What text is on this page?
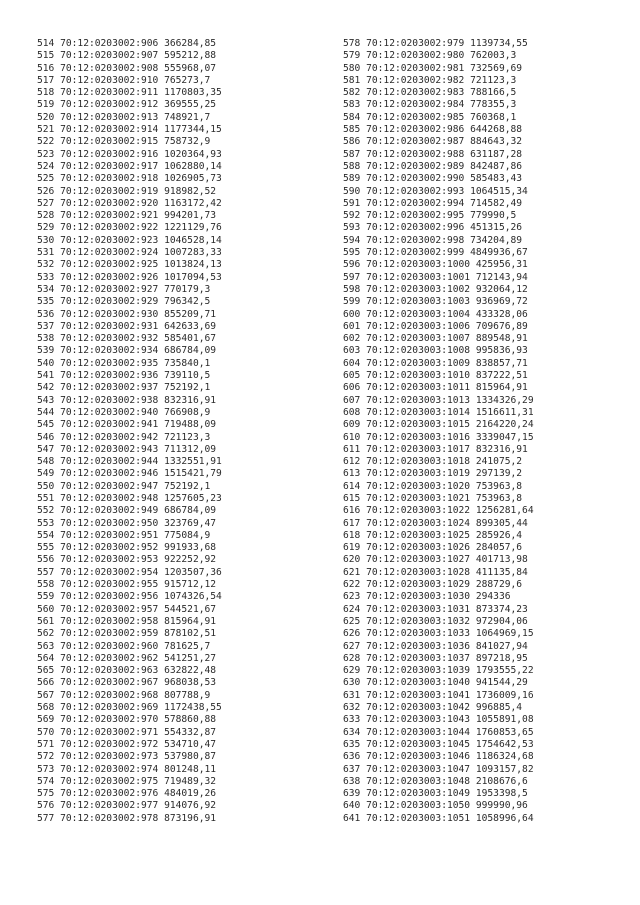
514 70:12:0203002:906 366284,85
515 70:12:0203002:907 595212,88
516 70:12:0203002:908 555968,07
517 70:12:0203002:910 765273,7
518 70:12:0203002:911 1170803,35
519 70:12:0203002:912 369555,25
520 70:12:0203002:913 748921,7
521 70:12:0203002:914 1177344,15
522 70:12:0203002:915 758732,9
523 70:12:0203002:916 1020364,93
524 70:12:0203002:917 1062880,14
525 70:12:0203002:918 1026905,73
526 70:12:0203002:919 918982,52
527 70:12:0203002:920 1163172,42
528 70:12:0203002:921 994201,73
529 70:12:0203002:922 1221129,76
530 70:12:0203002:923 1046528,14
531 70:12:0203002:924 1007283,33
532 70:12:0203002:925 1013824,13
533 70:12:0203002:926 1017094,53
534 70:12:0203002:927 770179,3
535 70:12:0203002:929 796342,5
536 70:12:0203002:930 855209,71
537 70:12:0203002:931 642633,69
538 70:12:0203002:932 585401,67
539 70:12:0203002:934 686784,09
540 70:12:0203002:935 735840,1
541 70:12:0203002:936 739110,5
542 70:12:0203002:937 752192,1
543 70:12:0203002:938 832316,91
544 70:12:0203002:940 766908,9
545 70:12:0203002:941 719488,09
546 70:12:0203002:942 721123,3
547 70:12:0203002:943 711312,09
548 70:12:0203002:944 1332551,91
549 70:12:0203002:946 1515421,79
550 70:12:0203002:947 752192,1
551 70:12:0203002:948 1257605,23
552 70:12:0203002:949 686784,09
553 70:12:0203002:950 323769,47
554 70:12:0203002:951 775084,9
555 70:12:0203002:952 991933,68
556 70:12:0203002:953 922252,92
557 70:12:0203002:954 1203507,36
558 70:12:0203002:955 915712,12
559 70:12:0203002:956 1074326,54
560 70:12:0203002:957 544521,67
561 70:12:0203002:958 815964,91
562 70:12:0203002:959 878102,51
563 70:12:0203002:960 781625,7
564 70:12:0203002:962 541251,27
565 70:12:0203002:963 632822,48
566 70:12:0203002:967 968038,53
567 70:12:0203002:968 807788,9
568 70:12:0203002:969 1172438,55
569 70:12:0203002:970 578860,88
570 70:12:0203002:971 554332,87
571 70:12:0203002:972 534710,47
572 70:12:0203002:973 537980,87
573 70:12:0203002:974 801248,11
574 70:12:0203002:975 719489,32
575 70:12:0203002:976 484019,26
576 70:12:0203002:977 914076,92
577 70:12:0203002:978 873196,91
578 70:12:0203002:979 1139734,55
579 70:12:0203002:980 762003,3
580 70:12:0203002:981 732569,69
581 70:12:0203002:982 721123,3
582 70:12:0203002:983 788166,5
583 70:12:0203002:984 778355,3
584 70:12:0203002:985 760368,1
585 70:12:0203002:986 644268,88
586 70:12:0203002:987 884643,32
587 70:12:0203002:988 631187,28
588 70:12:0203002:989 842487,86
589 70:12:0203002:990 585483,43
590 70:12:0203002:993 1064515,34
591 70:12:0203002:994 714582,49
592 70:12:0203002:995 779990,5
593 70:12:0203002:996 451315,26
594 70:12:0203002:998 734204,89
595 70:12:0203002:999 4849936,67
596 70:12:0203003:1000 425956,31
597 70:12:0203003:1001 712143,94
598 70:12:0203003:1002 932064,12
599 70:12:0203003:1003 936969,72
600 70:12:0203003:1004 433328,06
601 70:12:0203003:1006 709676,89
602 70:12:0203003:1007 889548,91
603 70:12:0203003:1008 995836,93
604 70:12:0203003:1009 838857,71
605 70:12:0203003:1010 837222,51
606 70:12:0203003:1011 815964,91
607 70:12:0203003:1013 1334326,29
608 70:12:0203003:1014 1516611,31
609 70:12:0203003:1015 2164220,24
610 70:12:0203003:1016 3339047,15
611 70:12:0203003:1017 832316,91
612 70:12:0203003:1018 241075,2
613 70:12:0203003:1019 297139,2
614 70:12:0203003:1020 753963,8
615 70:12:0203003:1021 753963,8
616 70:12:0203003:1022 1256281,64
617 70:12:0203003:1024 899305,44
618 70:12:0203003:1025 285926,4
619 70:12:0203003:1026 284057,6
620 70:12:0203003:1027 401713,98
621 70:12:0203003:1028 411135,84
622 70:12:0203003:1029 288729,6
623 70:12:0203003:1030 294336
624 70:12:0203003:1031 873374,23
625 70:12:0203003:1032 972904,06
626 70:12:0203003:1033 1064969,15
627 70:12:0203003:1036 841027,94
628 70:12:0203003:1037 897218,95
629 70:12:0203003:1039 1793555,22
630 70:12:0203003:1040 941544,29
631 70:12:0203003:1041 1736009,16
632 70:12:0203003:1042 996885,4
633 70:12:0203003:1043 1055891,08
634 70:12:0203003:1044 1760853,65
635 70:12:0203003:1045 1754642,53
636 70:12:0203003:1046 1186324,68
637 70:12:0203003:1047 1093157,82
638 70:12:0203003:1048 2108676,6
639 70:12:0203003:1049 1953398,5
640 70:12:0203003:1050 999990,96
641 70:12:0203003:1051 1058996,64
